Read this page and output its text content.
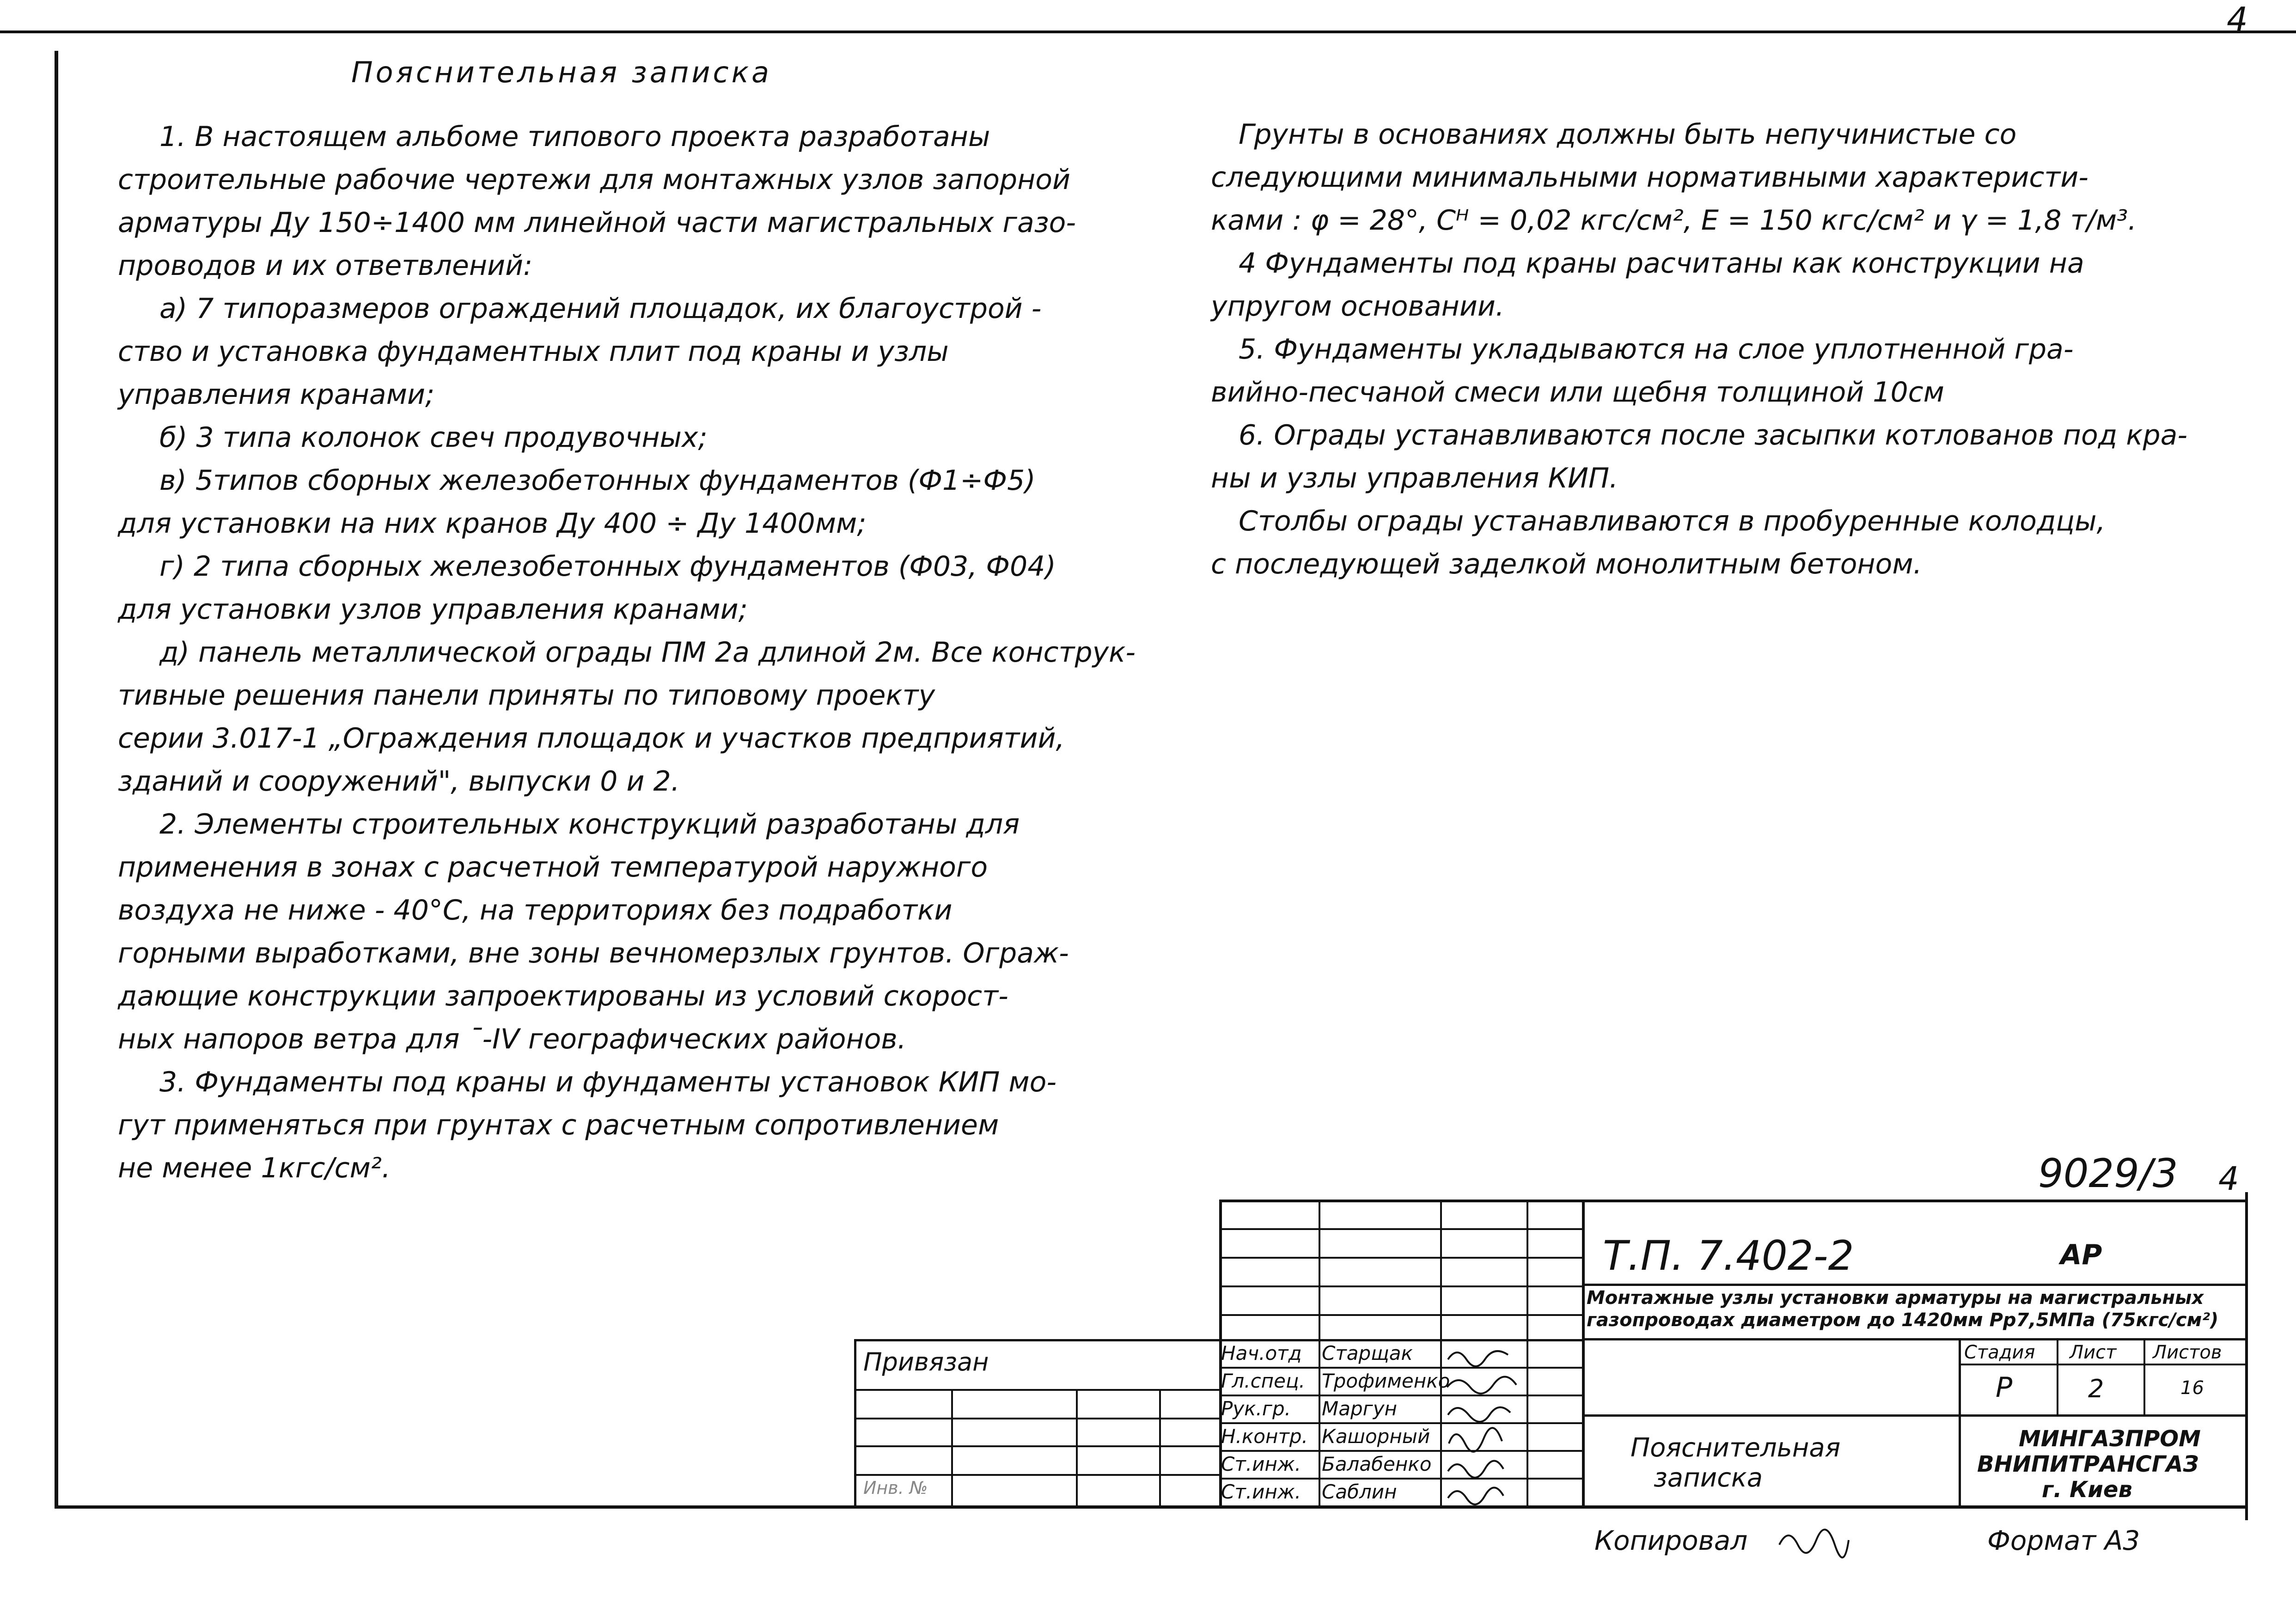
4
Пояснительная записка
1. В настоящем альбоме типового проекта разработаны
строительные рабочие чертежи для монтажных узлов запорной
арматуры Ду 150÷1400 мм линейной части магистральных газо-
проводов и их ответвлений:
а) 7 типоразмеров ограждений площадок, их благоустрой -
ство и установка фундаментных плит под краны и узлы
управления кранами;
б) 3 типа колонок свеч продувочных;
в) 5типов сборных железобетонных фундаментов (Ф1÷Ф5)
для установки на них кранов Ду 400 ÷ Ду 1400мм;
г) 2 типа сборных железобетонных фундаментов (Ф03, Ф04)
для установки узлов управления кранами;
д) панель металлической ограды ПМ 2а длиной 2м. Все конструк-
тивные решения панели приняты по типовому проекту
серии 3.017-1 „Ограждения площадок и участков предприятий,
зданий и сооружений", выпуски 0 и 2.
2. Элементы строительных конструкций разработаны для
применения в зонах с расчетной температурой наружного
воздуха не ниже - 40°С, на территориях без подработки
горными выработками, вне зоны вечномерзлых грунтов. Ограж-
дающие конструкции запроектированы из условий скорост-
ных напоров ветра для ¯-IV географических районов.
3. Фундаменты под краны и фундаменты установок КИП мо-
гут применяться при грунтах с расчетным сопротивлением
не менее 1кгс/см².
Грунты в основаниях должны быть непучинистые со
следующими минимальными нормативными характеристи-
ками : φ = 28°, Cᴴ = 0,02 кгс/см², E = 150 кгс/см² и γ = 1,8 т/м³.
4 Фундаменты под краны расчитаны как конструкции на
упругом основании.
5. Фундаменты укладываются на слое уплотненной гра-
вийно-песчаной смеси или щебня толщиной 10см
6. Ограды устанавливаются после засыпки котлованов под кра-
ны и узлы управления КИП.
Столбы ограды устанавливаются в пробуренные колодцы,
с последующей заделкой монолитным бетоном.
9029/3 4
Привязан
Инв. №
Т.П. 7.402-2	АР
Монтажные узлы установки арматуры на магистральных
газопроводах диаметром до 1420мм Рр7,5МПа (75кгс/см²)
Стадия Лист Листов
Р	2	16
Пояснительная
записка
МИНГАЗПРОМ
ВНИПИТРАНСГАЗ
г. Киев
Нач.отд Старщак
Гл.спец. Трофименко
Рук.гр. Маргун
Н.контр. Кашорный
Ст.инж. Балабенко
Ст.инж. Саблин
Копировал	Формат А3
